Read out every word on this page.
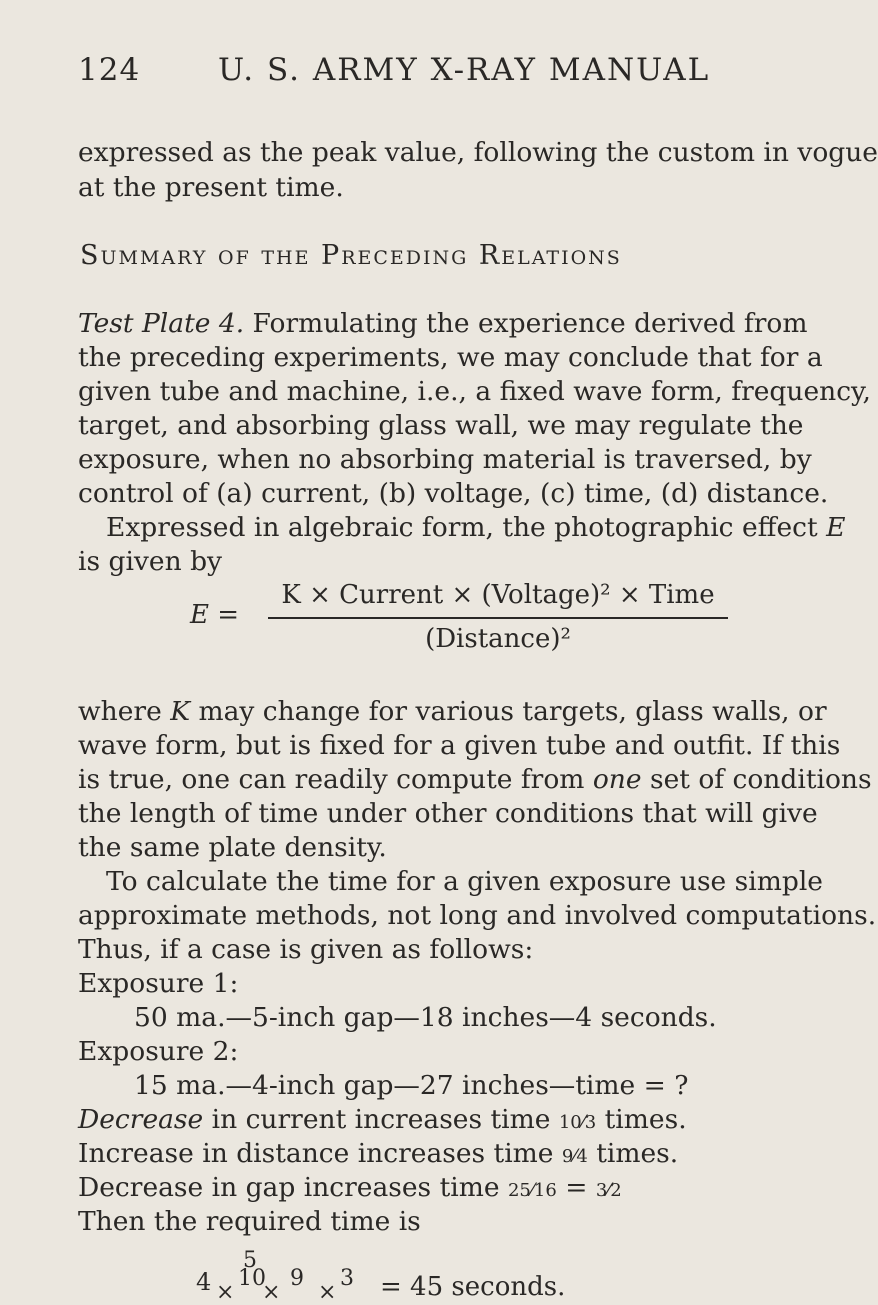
124	U. S. ARMY X-RAY MANUAL
expressed as the peak value, following the custom in vogue
at the present time.
Summary of the Preceding Relations
Test Plate 4. Formulating the experience derived from
the preceding experiments, we may conclude that for a
given tube and machine, i.e., a fixed wave form, frequency,
target, and absorbing glass wall, we may regulate the
exposure, when no absorbing material is traversed, by
control of (a) current, (b) voltage, (c) time, (d) distance.
Expressed in algebraic form, the photographic effect E
is given by
E =
K × Current × (Voltage)² × Time
(Distance)²
where K may change for various targets, glass walls, or
wave form, but is fixed for a given tube and outfit. If this
is true, one can readily compute from one set of conditions
the length of time under other conditions that will give
the same plate density.
To calculate the time for a given exposure use simple
approximate methods, not long and involved computations.
Thus, if a case is given as follows:
Exposure 1:
50 ma.—5-inch gap—18 inches—4 seconds.
Exposure 2:
15 ma.—4-inch gap—27 inches—time = ?
Decrease in current increases time 10⁄3 times.
Increase in distance increases time 9⁄4 times.
Decrease in gap increases time 25⁄16 = 3⁄2
Then the required time is
5
4 ×
10
×
9
×
3 = 45 seconds.
